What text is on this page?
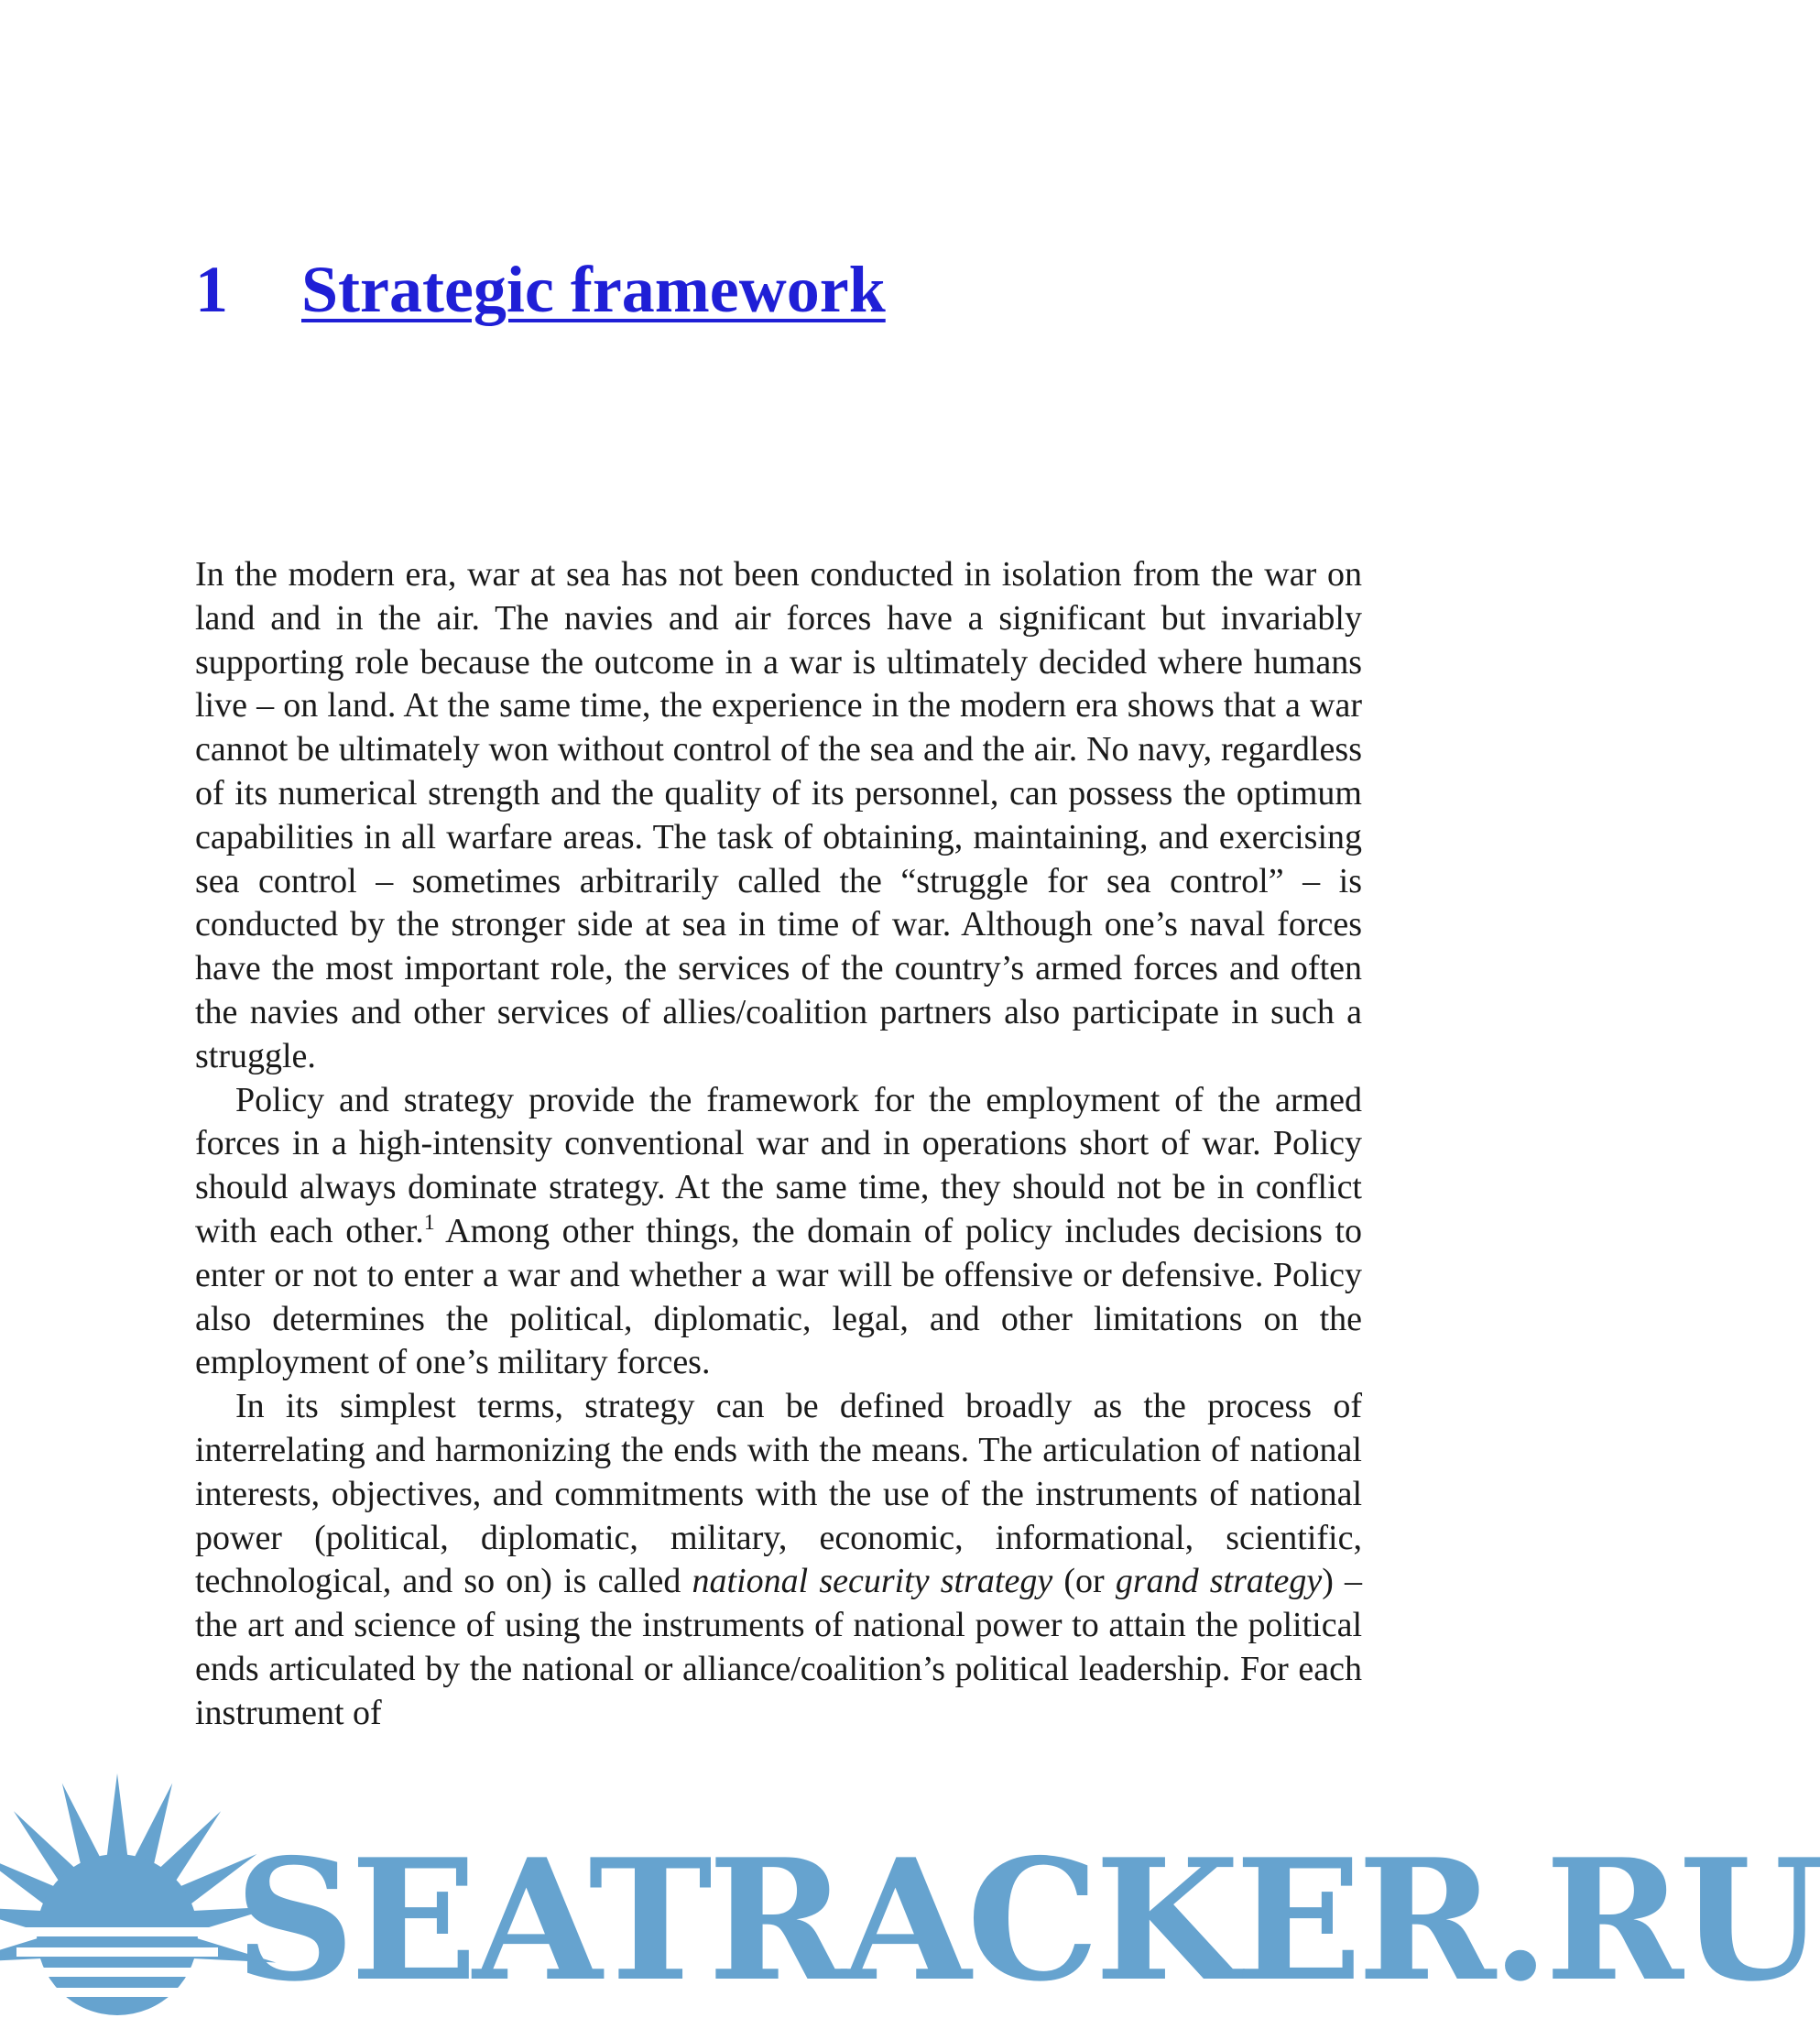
1 Strategic framework

In the modern era, war at sea has not been conducted in isolation from the war on land and in the air. The navies and air forces have a significant but invariably supporting role because the outcome in a war is ultimately decided where humans live – on land. At the same time, the experience in the modern era shows that a war cannot be ultimately won without control of the sea and the air. No navy, regardless of its numerical strength and the quality of its personnel, can possess the optimum capabilities in all warfare areas. The task of obtaining, maintaining, and exercising sea control – sometimes arbitrarily called the “struggle for sea control” – is conducted by the stronger side at sea in time of war. Although one’s naval forces have the most important role, the services of the country’s armed forces and often the navies and other services of allies/coalition partners also participate in such a struggle.

Policy and strategy provide the framework for the employment of the armed forces in a high-intensity conventional war and in operations short of war. Policy should always dominate strategy. At the same time, they should not be in conflict with each other.$^1$ Among other things, the domain of policy includes decisions to enter or not to enter a war and whether a war will be offensive or defensive. Policy also determines the political, diplomatic, legal, and other limitations on the employment of one’s military forces.

In its simplest terms, strategy can be defined broadly as the process of interrelating and harmonizing the ends with the means. The articulation of national interests, objectives, and commitments with the use of the instruments of national power (political, diplomatic, military, economic, informational, scientific, technological, and so on) is called national security strategy (or grand strategy) – the art and science of using the instruments of national power to attain the political ends articulated by the national or alliance/coalition’s political leadership. For each instrument of

SEATRACKER.RU
